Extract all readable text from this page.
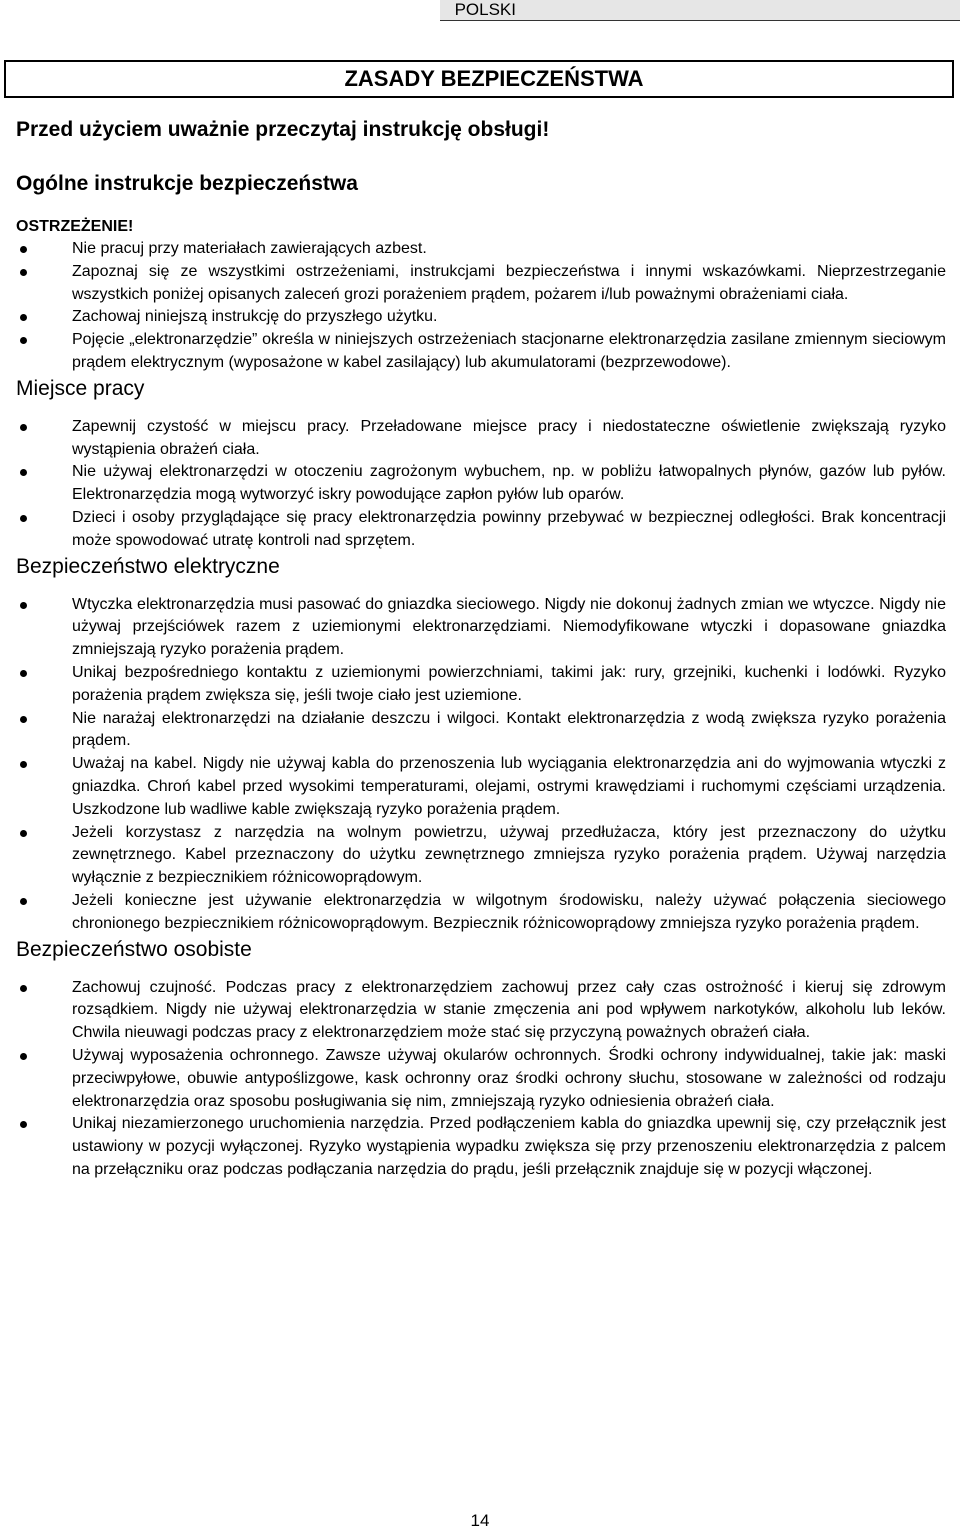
POLSKI
ZASADY BEZPIECZEŃSTWA
Przed użyciem uważnie przeczytaj instrukcję obsługi!
Ogólne instrukcje bezpieczeństwa

OSTRZEŻENIE!

Nie pracuj przy materiałach zawierających azbest.
Zapoznaj się ze wszystkimi ostrzeżeniami, instrukcjami bezpieczeństwa i innymi wskazówkami. Nieprzestrzeganie wszystkich poniżej opisanych zaleceń grozi porażeniem prądem, pożarem i/lub poważnymi obrażeniami ciała.
Zachowaj niniejszą instrukcję do przyszłego użytku.
Pojęcie „elektronarzędzie” określa w niniejszych ostrzeżeniach stacjonarne elektronarzędzia zasilane zmiennym sieciowym prądem elektrycznym (wyposażone w kabel zasilający) lub akumulatorami (bezprzewodowe).
Miejsce pracy
Zapewnij czystość w miejscu pracy. Przeładowane miejsce pracy i niedostateczne oświetlenie zwiększają ryzyko wystąpienia obrażeń ciała.
Nie używaj elektronarzędzi w otoczeniu zagrożonym wybuchem, np. w pobliżu łatwopalnych płynów, gazów lub pyłów. Elektronarzędzia mogą wytworzyć iskry powodujące zapłon pyłów lub oparów.
Dzieci i osoby przyglądające się pracy elektronarzędzia powinny przebywać w bezpiecznej odległości. Brak koncentracji może spowodować utratę kontroli nad sprzętem.
Bezpieczeństwo elektryczne
Wtyczka elektronarzędzia musi pasować do gniazdka sieciowego. Nigdy nie dokonuj żadnych zmian we wtyczce. Nigdy nie używaj przejściówek razem z uziemionymi elektronarzędziami. Niemodyfikowane wtyczki i dopasowane gniazdka zmniejszają ryzyko porażenia prądem.
Unikaj bezpośredniego kontaktu z uziemionymi powierzchniami, takimi jak: rury, grzejniki, kuchenki i lodówki. Ryzyko porażenia prądem zwiększa się, jeśli twoje ciało jest uziemione.
Nie narażaj elektronarzędzi na działanie deszczu i wilgoci. Kontakt elektronarzędzia z wodą zwiększa ryzyko porażenia prądem.
Uważaj na kabel. Nigdy nie używaj kabla do przenoszenia lub wyciągania elektronarzędzia ani do wyjmowania wtyczki z gniazdka. Chroń kabel przed wysokimi temperaturami, olejami, ostrymi krawędziami i ruchomymi częściami urządzenia. Uszkodzone lub wadliwe kable zwiększają ryzyko porażenia prądem.
Jeżeli korzystasz z narzędzia na wolnym powietrzu, używaj przedłużacza, który jest przeznaczony do użytku zewnętrznego. Kabel przeznaczony do użytku zewnętrznego zmniejsza ryzyko porażenia prądem. Używaj narzędzia wyłącznie z bezpiecznikiem różnicowoprądowym.
Jeżeli konieczne jest używanie elektronarzędzia w wilgotnym środowisku, należy używać połączenia sieciowego chronionego bezpiecznikiem różnicowoprądowym. Bezpiecznik różnicowoprądowy zmniejsza ryzyko porażenia prądem.
Bezpieczeństwo osobiste
Zachowuj czujność. Podczas pracy z elektronarzędziem zachowuj przez cały czas ostrożność i kieruj się zdrowym rozsądkiem. Nigdy nie używaj elektronarzędzia w stanie zmęczenia ani pod wpływem narkotyków, alkoholu lub leków. Chwila nieuwagi podczas pracy z elektronarzędziem może stać się przyczyną poważnych obrażeń ciała.
Używaj wyposażenia ochronnego. Zawsze używaj okularów ochronnych. Środki ochrony indywidualnej, takie jak: maski przeciwpyłowe, obuwie antypoślizgowe, kask ochronny oraz środki ochrony słuchu, stosowane w zależności od rodzaju elektronarzędzia oraz sposobu posługiwania się nim, zmniejszają ryzyko odniesienia obrażeń ciała.
Unikaj niezamierzonego uruchomienia narzędzia. Przed podłączeniem kabla do gniazdka upewnij się, czy przełącznik jest ustawiony w pozycji wyłączonej. Ryzyko wystąpienia wypadku zwiększa się przy przenoszeniu elektronarzędzia z palcem na przełączniku oraz podczas podłączania narzędzia do prądu, jeśli przełącznik znajduje się w pozycji włączonej.
14
